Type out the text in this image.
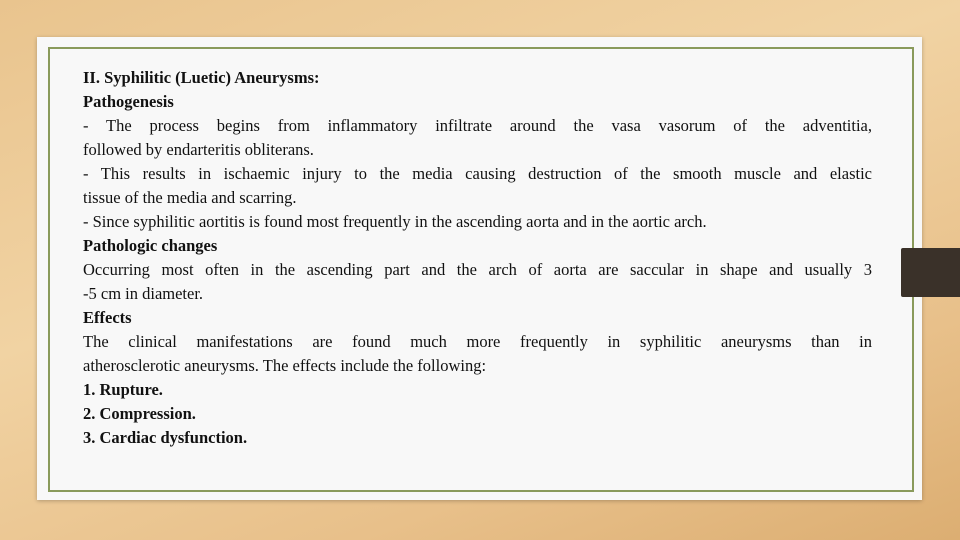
II. Syphilitic (Luetic) Aneurysms:
Pathogenesis
- The process begins from inflammatory infiltrate around the vasa vasorum of the adventitia,
followed by endarteritis obliterans.
- This results in ischaemic injury to the media causing destruction of the smooth muscle and elastic
tissue of the media and scarring.
- Since syphilitic aortitis is found most frequently in the ascending aorta and in the aortic arch.
Pathologic changes
Occurring most often in the ascending part and the arch of aorta are saccular in shape and usually 3
-5 cm in diameter.
Effects
The clinical manifestations are found much more frequently in syphilitic aneurysms than in
atherosclerotic aneurysms. The effects include the following:
1. Rupture.
2. Compression.
3. Cardiac dysfunction.
